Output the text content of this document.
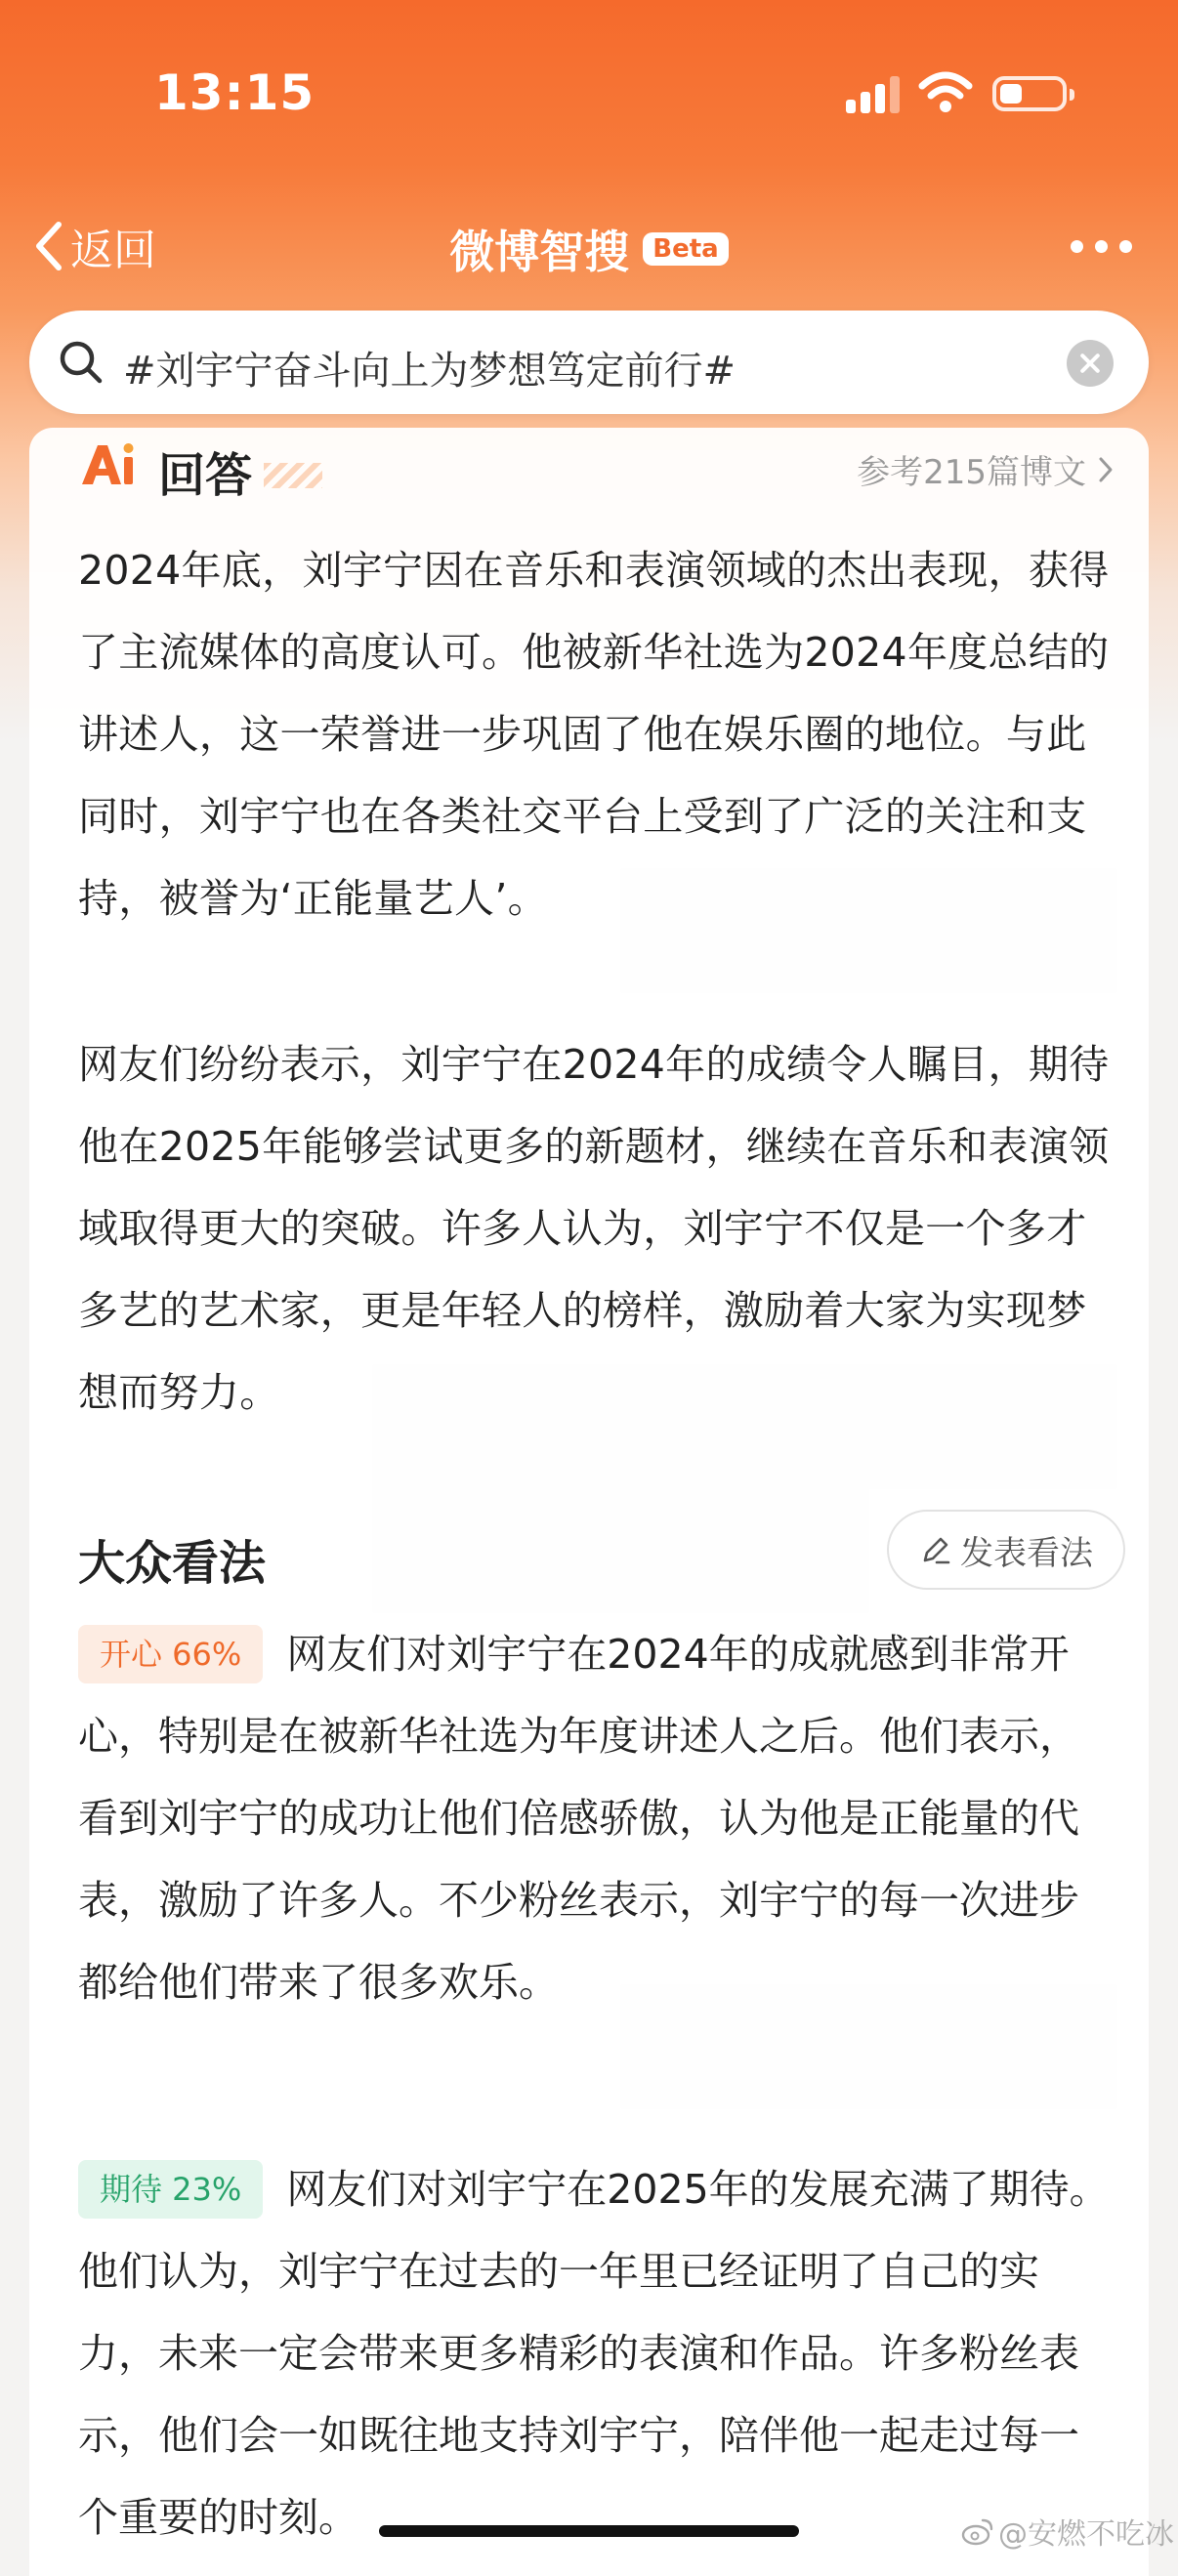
13:15
返回	微博智搜 Beta
#刘宇宁奋斗向上为梦想笃定前行#
回答	参考215篇博文
2024年底，刘宇宁因在音乐和表演领域的杰出表现，获得了主流媒体的高度认可。他被新华社选为2024年度总结的讲述人，这一荣誉进一步巩固了他在娱乐圈的地位。与此同时，刘宇宁也在各类社交平台上受到了广泛的关注和支持，被誉为‘正能量艺人’。
网友们纷纷表示，刘宇宁在2024年的成绩令人瞩目，期待他在2025年能够尝试更多的新题材，继续在音乐和表演领域取得更大的突破。许多人认为，刘宇宁不仅是一个多才多艺的艺术家，更是年轻人的榜样，激励着大家为实现梦想而努力。
大众看法	发表看法
开心 66% 网友们对刘宇宁在2024年的成就感到非常开心，特别是在被新华社选为年度讲述人之后。他们表示，看到刘宇宁的成功让他们倍感骄傲，认为他是正能量的代表，激励了许多人。不少粉丝表示，刘宇宁的每一次进步都给他们带来了很多欢乐。
期待 23% 网友们对刘宇宁在2025年的发展充满了期待。他们认为，刘宇宁在过去的一年里已经证明了自己的实力，未来一定会带来更多精彩的表演和作品。许多粉丝表示，他们会一如既往地支持刘宇宁，陪伴他一起走过每一个重要的时刻。	@安燃不吃冰
